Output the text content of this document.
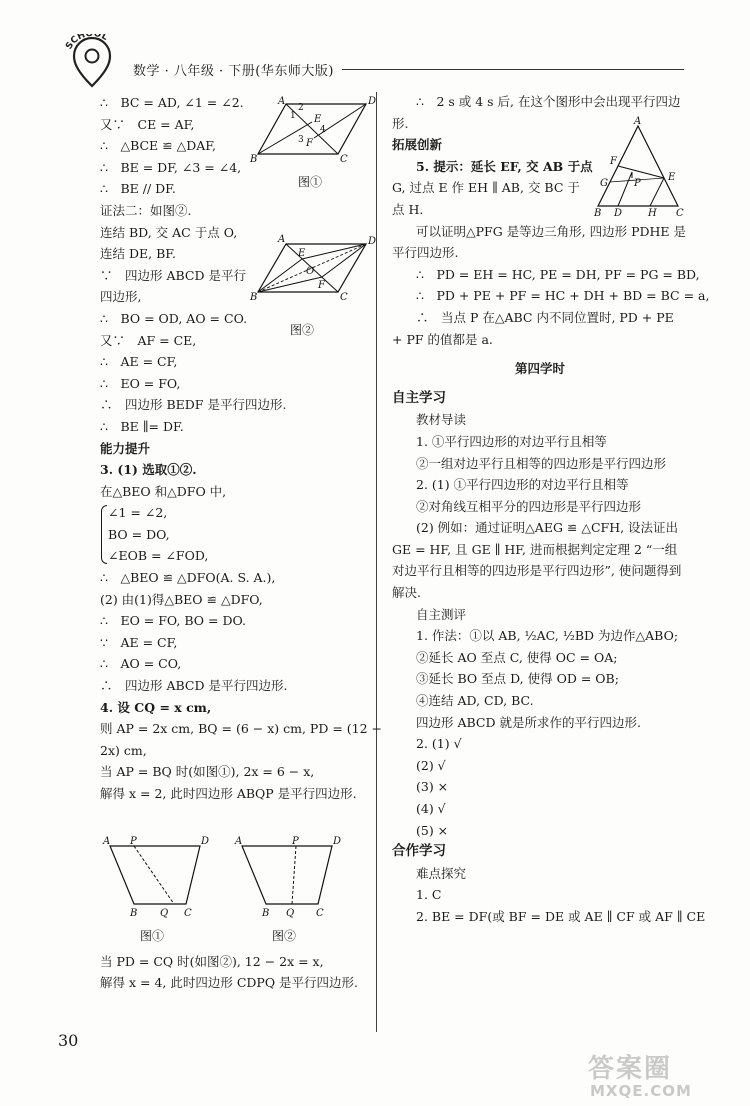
SCHOOL
数学 · 八年级 · 下册(华东师大版)
∴　BC = AD, ∠1 = ∠2.
又∵　CE = AF,
∴　△BCE ≌ △DAF,
∴　BE = DF, ∠3 = ∠4,
∴　BE // DF.
证法二：如图②.
连结 BD, 交 AC 于点 O,
连结 DE, BF.
∵　四边形 ABCD 是平行四边形,
∴　BO = OD, AO = CO.
又∵　AF = CE,
∴　AE = CF,
∴　EO = FO,
∴　四边形 BEDF 是平行四边形.
∴　BE ∥= DF.
能力提升
3. (1) 选取①②.
在△BEO 和△DFO 中,
∠1 = ∠2,
BO = DO,
∠EOB = ∠FOD,
∴　△BEO ≌ △DFO(A. S. A.),
(2) 由(1)得△BEO ≌ △DFO,
∴　EO = FO, BO = DO.
∵　AE = CF,
∴　AO = CO,
∴　四边形 ABCD 是平行四边形.
4. 设 CQ = x cm,
则 AP = 2x cm, BQ = (6 − x) cm, PD = (12 −
2x) cm,
当 AP = BQ 时(如图①), 2x = 6 − x,
解得 x = 2, 此时四边形 ABQP 是平行四边形.
当 PD = CQ 时(如图②), 12 − 2x = x,
解得 x = 4, 此时四边形 CDPQ 是平行四边形.
A	D
B	C
E
F
1
2
3
4
图①
A	D
B	C
E
F
O
图②
A P	D
B Q C
图①
A	P	D
B Q C
图②
∴　2 s 或 4 s 后, 在这个图形中会出现平行四边形.
拓展创新
5. 提示：延长 EF, 交 AB 于点
G, 过点 E 作 EH ∥ AB, 交 BC 于
点 H.
可以证明△PFG 是等边三角形, 四边形 PDHE 是平行四边形.
∴　PD = EH = HC, PE = DH, PF = PG = BD,
∴　PD + PE + PF = HC + DH + BD = BC = a,
∴　当点 P 在△ABC 内不同位置时, PD + PE + PF 的值都是 a.
第四学时
自主学习
教材导读
1. ①平行四边形的对边平行且相等
②一组对边平行且相等的四边形是平行四边形
2. (1) ①平行四边形的对边平行且相等
②对角线互相平分的四边形是平行四边形
(2) 例如：通过证明△AEG ≌ △CFH, 设法证出 GE = HF, 且 GE ∥ HF, 进而根据判定定理 2 “一组对边平行且相等的四边形是平行四边形”, 使问题得到解决.
自主测评
1. 作法：①以 AB, ½AC, ½BD 为边作△ABO;
②延长 AO 至点 C, 使得 OC = OA;
③延长 BO 至点 D, 使得 OD = OB;
④连结 AD, CD, BC.
四边形 ABCD 就是所求作的平行四边形.
2. (1) √
(2) √
(3) ×
(4) √
(5) ×
合作学习
难点探究
1. C
2. BE = DF(或 BF = DE 或 AE ∥ CF 或 AF ∥ CE
A
F
E
G	P
B D	H C
30
答案圈
MXQE.COM
